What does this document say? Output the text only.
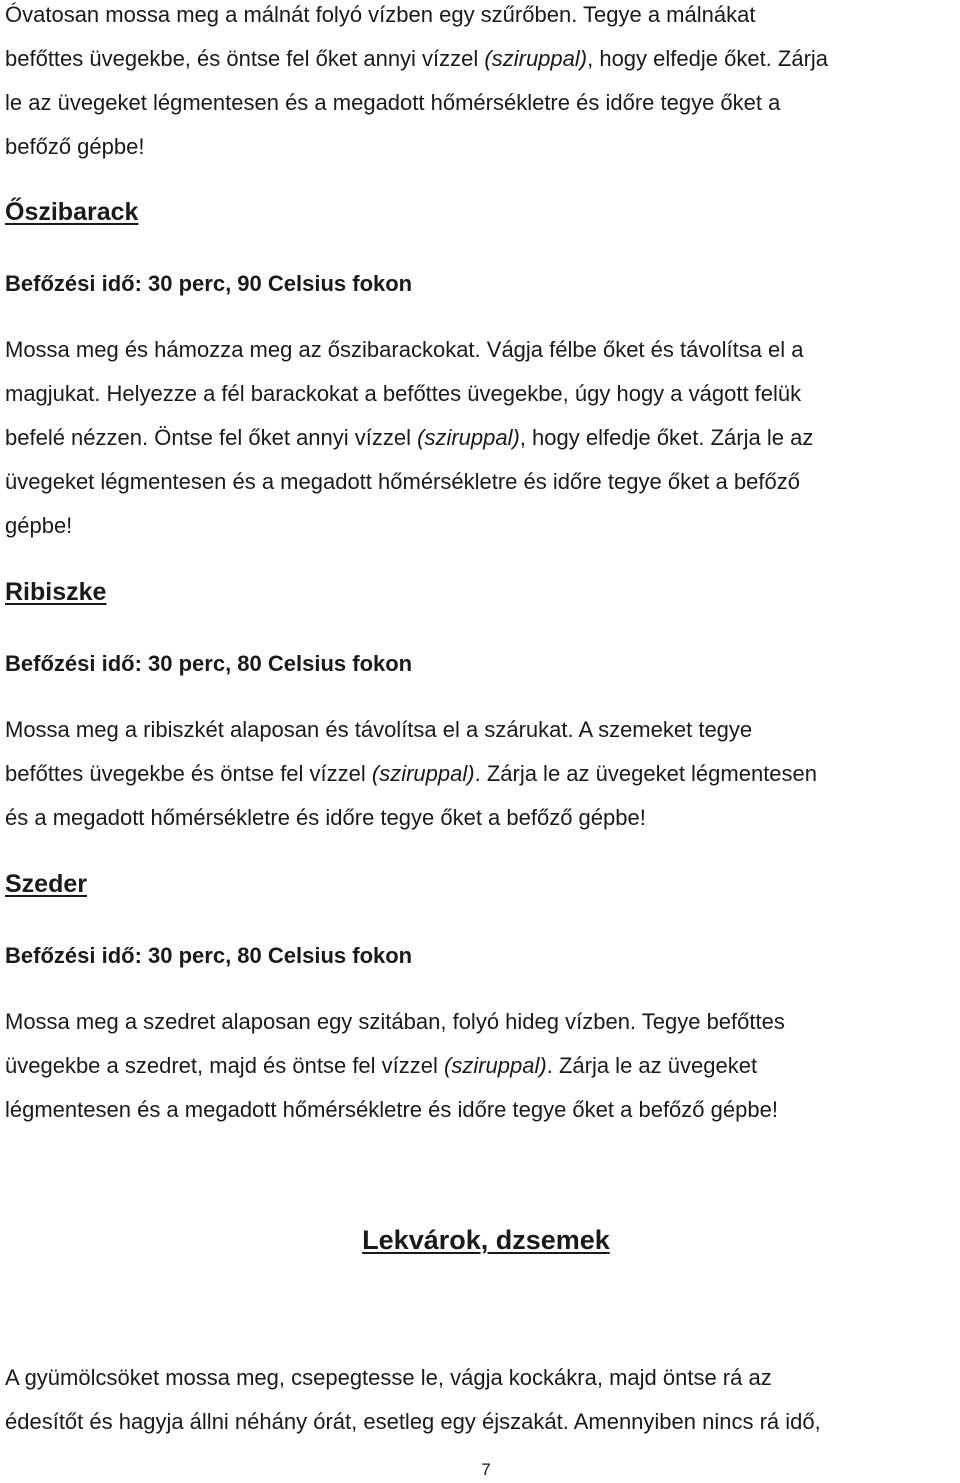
Óvatosan mossa meg a málnát folyó vízben egy szűrőben. Tegye a málnákat
befőttes üvegekbe, és öntse fel őket annyi vízzel (sziruppal), hogy elfedje őket. Zárja
le az üvegeket légmentesen és a megadott hőmérsékletre és időre tegye őket a
befőző gépbe!
Őszibarack

Befőzési idő: 30 perc, 90 Celsius fokon

Mossa meg és hámozza meg az őszibarackokat. Vágja félbe őket és távolítsa el a
magjukat. Helyezze a fél barackokat a befőttes üvegekbe, úgy hogy a vágott felük
befelé nézzen. Öntse fel őket annyi vízzel (sziruppal), hogy elfedje őket. Zárja le az
üvegeket légmentesen és a megadott hőmérsékletre és időre tegye őket a befőző
gépbe!
Ribiszke

Befőzési idő: 30 perc, 80 Celsius fokon

Mossa meg a ribiszkét alaposan és távolítsa el a szárukat. A szemeket tegye
befőttes üvegekbe és öntse fel vízzel (sziruppal). Zárja le az üvegeket légmentesen
és a megadott hőmérsékletre és időre tegye őket a befőző gépbe!
Szeder

Befőzési idő: 30 perc, 80 Celsius fokon

Mossa meg a szedret alaposan egy szitában, folyó hideg vízben. Tegye befőttes
üvegekbe a szedret, majd és öntse fel vízzel (sziruppal). Zárja le az üvegeket
légmentesen és a megadott hőmérsékletre és időre tegye őket a befőző gépbe!
Lekvárok, dzsemek
A gyümölcsöket mossa meg, csepegtesse le, vágja kockákra, majd öntse rá az
édesítőt és hagyja állni néhány órát, esetleg egy éjszakát. Amennyiben nincs rá idő,
7
